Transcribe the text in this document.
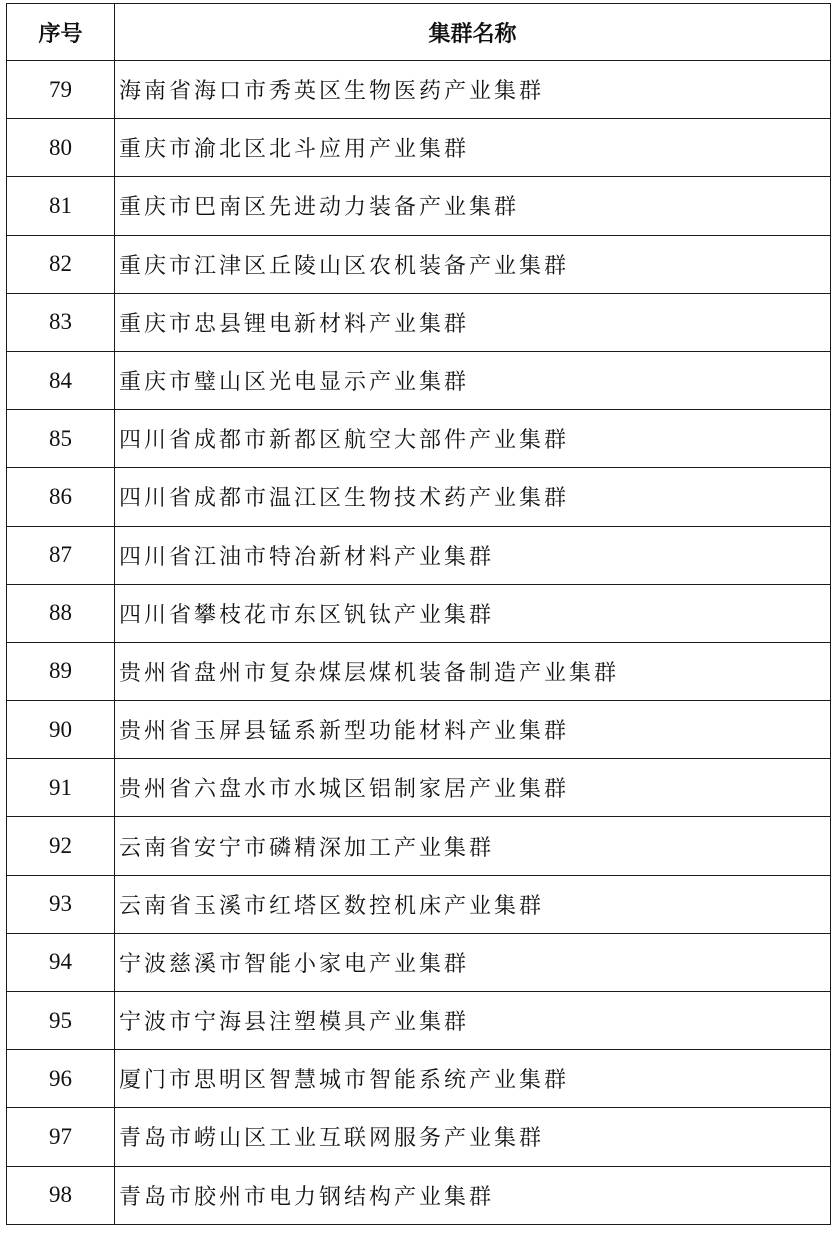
序号	集群名称
79	海南省海口市秀英区生物医药产业集群
80	重庆市渝北区北斗应用产业集群
81	重庆市巴南区先进动力装备产业集群
82	重庆市江津区丘陵山区农机装备产业集群
83	重庆市忠县锂电新材料产业集群
84	重庆市璧山区光电显示产业集群
85	四川省成都市新都区航空大部件产业集群
86	四川省成都市温江区生物技术药产业集群
87	四川省江油市特冶新材料产业集群
88	四川省攀枝花市东区钒钛产业集群
89	贵州省盘州市复杂煤层煤机装备制造产业集群
90	贵州省玉屏县锰系新型功能材料产业集群
91	贵州省六盘水市水城区铝制家居产业集群
92	云南省安宁市磷精深加工产业集群
93	云南省玉溪市红塔区数控机床产业集群
94	宁波慈溪市智能小家电产业集群
95	宁波市宁海县注塑模具产业集群
96	厦门市思明区智慧城市智能系统产业集群
97	青岛市崂山区工业互联网服务产业集群
98	青岛市胶州市电力钢结构产业集群
